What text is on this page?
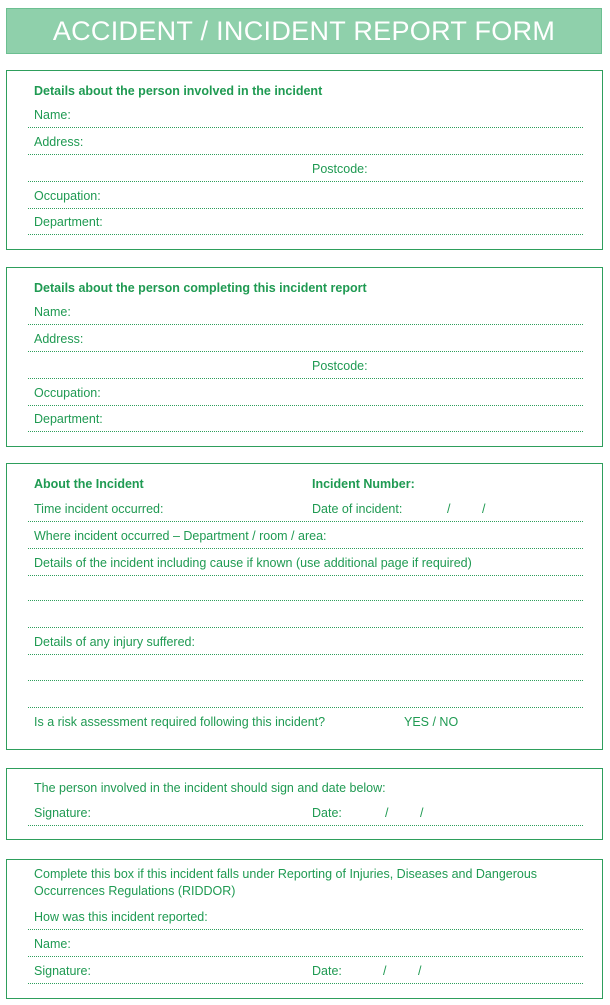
ACCIDENT / INCIDENT REPORT FORM
Details about the person involved in the incident
Name:
Address:
Postcode:
Occupation:
Department:
Details about the person completing this incident report
Name:
Address:
Postcode:
Occupation:
Department:
About the Incident	Incident Number:
Time incident occurred:	Date of incident:	/	/
Where incident occurred – Department / room / area:
Details of the incident including cause if known (use additional page if required)
Details of any injury suffered:
Is a risk assessment required following this incident?	YES / NO
The person involved in the incident should sign and date below:
Signature:	Date:	/	/
Complete this box if this incident falls under Reporting of Injuries, Diseases and Dangerous Occurrences Regulations (RIDDOR)
How was this incident reported:
Name:
Signature:	Date:	/	/
